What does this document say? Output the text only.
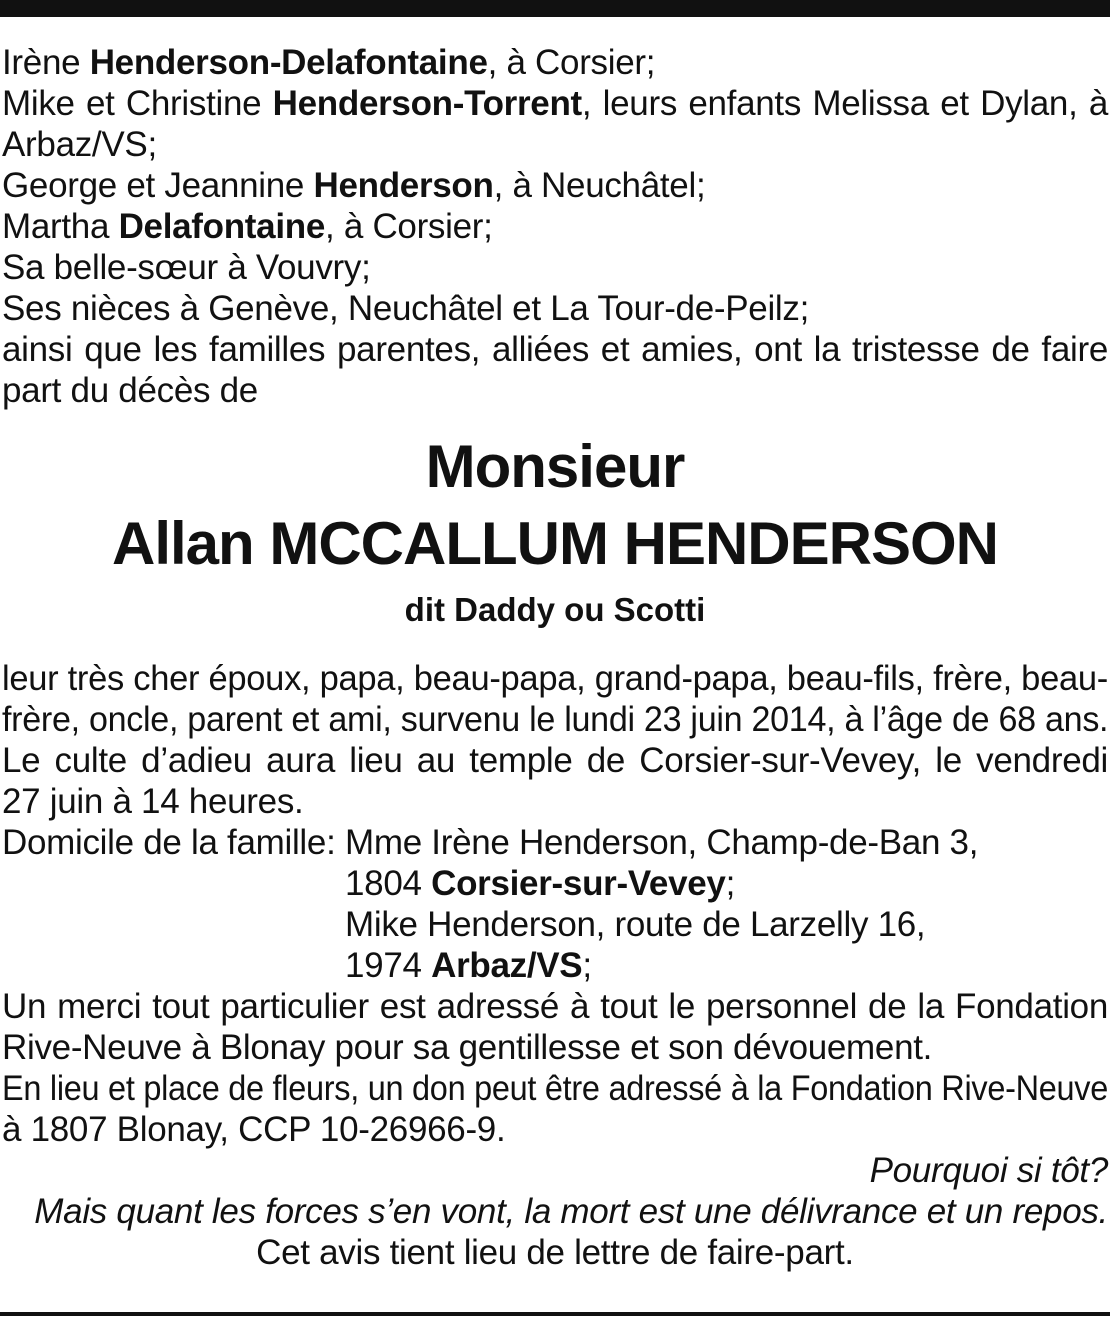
Irène Henderson-Delafontaine, à Corsier;
Mike et Christine Henderson-Torrent, leurs enfants Melissa et Dylan, à
Arbaz/VS;
George et Jeannine Henderson, à Neuchâtel;
Martha Delafontaine, à Corsier;
Sa belle-sœur à Vouvry;
Ses nièces à Genève, Neuchâtel et La Tour-de-Peilz;
ainsi que les familles parentes, alliées et amies, ont la tristesse de faire
part du décès de
Monsieur
Allan MCCALLUM HENDERSON
dit Daddy ou Scotti
leur très cher époux, papa, beau-papa, grand-papa, beau-fils, frère, beau-
frère, oncle, parent et ami, survenu le lundi 23 juin 2014, à l’âge de 68 ans.
Le culte d’adieu aura lieu au temple de Corsier-sur-Vevey, le vendredi
27 juin à 14 heures.
Domicile de la famille:Mme Irène Henderson, Champ-de-Ban 3,
1804 Corsier-sur-Vevey;
Mike Henderson, route de Larzelly 16,
1974 Arbaz/VS;
Un merci tout particulier est adressé à tout le personnel de la Fondation
Rive-Neuve à Blonay pour sa gentillesse et son dévouement.
En lieu et place de fleurs, un don peut être adressé à la Fondation Rive-Neuve
à 1807 Blonay, CCP 10-26966-9.
Pourquoi si tôt?
Mais quant les forces s’en vont, la mort est une délivrance et un repos.
Cet avis tient lieu de lettre de faire-part.
